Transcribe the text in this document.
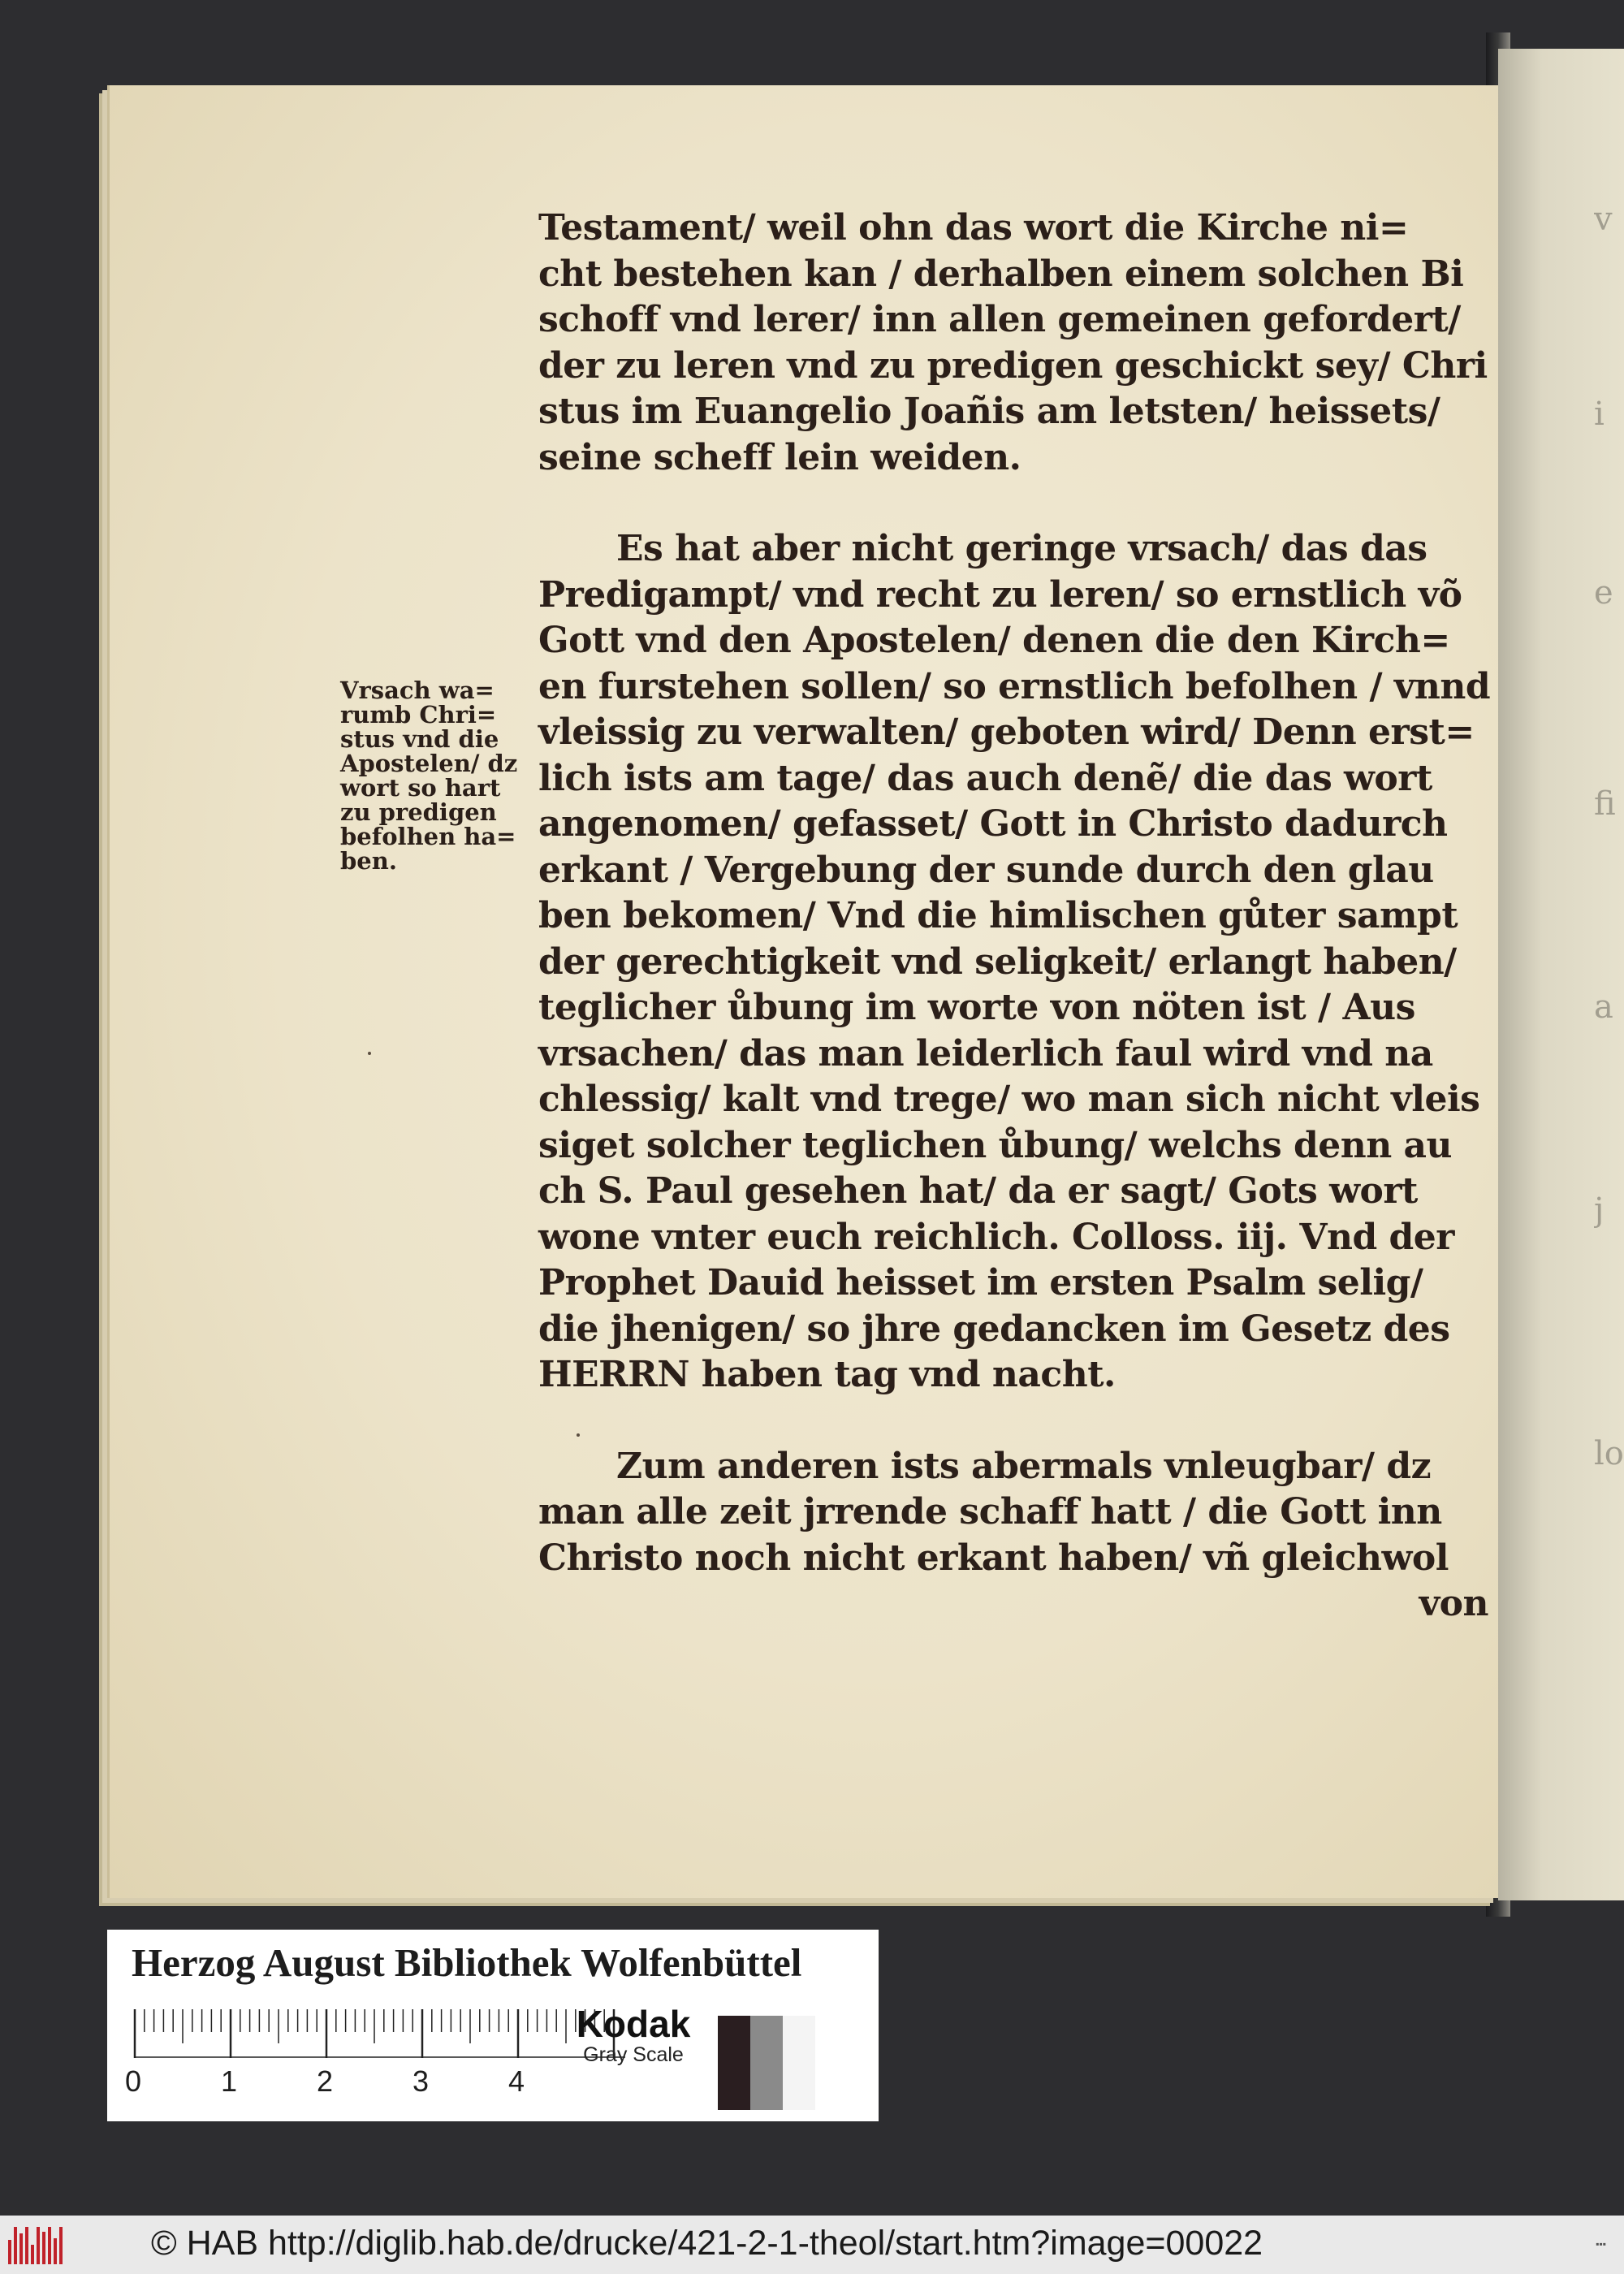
v
i
e
fi
a
j
lo
Vrsach wa=
rumb Chri=
stus vnd die
Apostelen/ dz
wort so hart
zu predigen
befolhen ha=
ben.
Testament/ weil ohn das wort die Kirche ni=
cht bestehen kan / derhalben einem solchen Bi
schoff vnd lerer/ inn allen gemeinen gefordert/
der zu leren vnd zu predigen geschickt sey/ Chri
stus im Euangelio Joañis am letsten/ heissets/
seine scheff lein weiden.
Es hat aber nicht geringe vrsach/ das das
Predigampt/ vnd recht zu leren/ so ernstlich võ
Gott vnd den Apostelen/ denen die den Kirch=
en furstehen sollen/ so ernstlich befolhen / vnnd
vleissig zu verwalten/ geboten wird/ Denn erst=
lich ists am tage/ das auch denẽ/ die das wort
angenomen/ gefasset/ Gott in Christo dadurch
erkant / Vergebung der sunde durch den glau
ben bekomen/ Vnd die himlischen gůter sampt
der gerechtigkeit vnd seligkeit/ erlangt haben/
teglicher ůbung im worte von nöten ist / Aus
vrsachen/ das man leiderlich faul wird vnd na
chlessig/ kalt vnd trege/ wo man sich nicht vleis
siget solcher teglichen ůbung/ welchs denn au
ch S. Paul gesehen hat/ da er sagt/ Gots wort
wone vnter euch reichlich. Colloss. iij. Vnd der
Prophet Dauid heisset im ersten Psalm selig/
die jhenigen/ so jhre gedancken im Gesetz des
HERRN haben tag vnd nacht.
Zum anderen ists abermals vnleugbar/ dz
man alle zeit jrrende schaff hatt / die Gott inn
Christo noch nicht erkant haben/ vñ gleichwol
von
Herzog August Bibliothek Wolfenbüttel
0	1	2	3	4
Kodak
Gray Scale
© HAB http://diglib.hab.de/drucke/421-2-1-theol/start.htm?image=00022	▪▪▪
